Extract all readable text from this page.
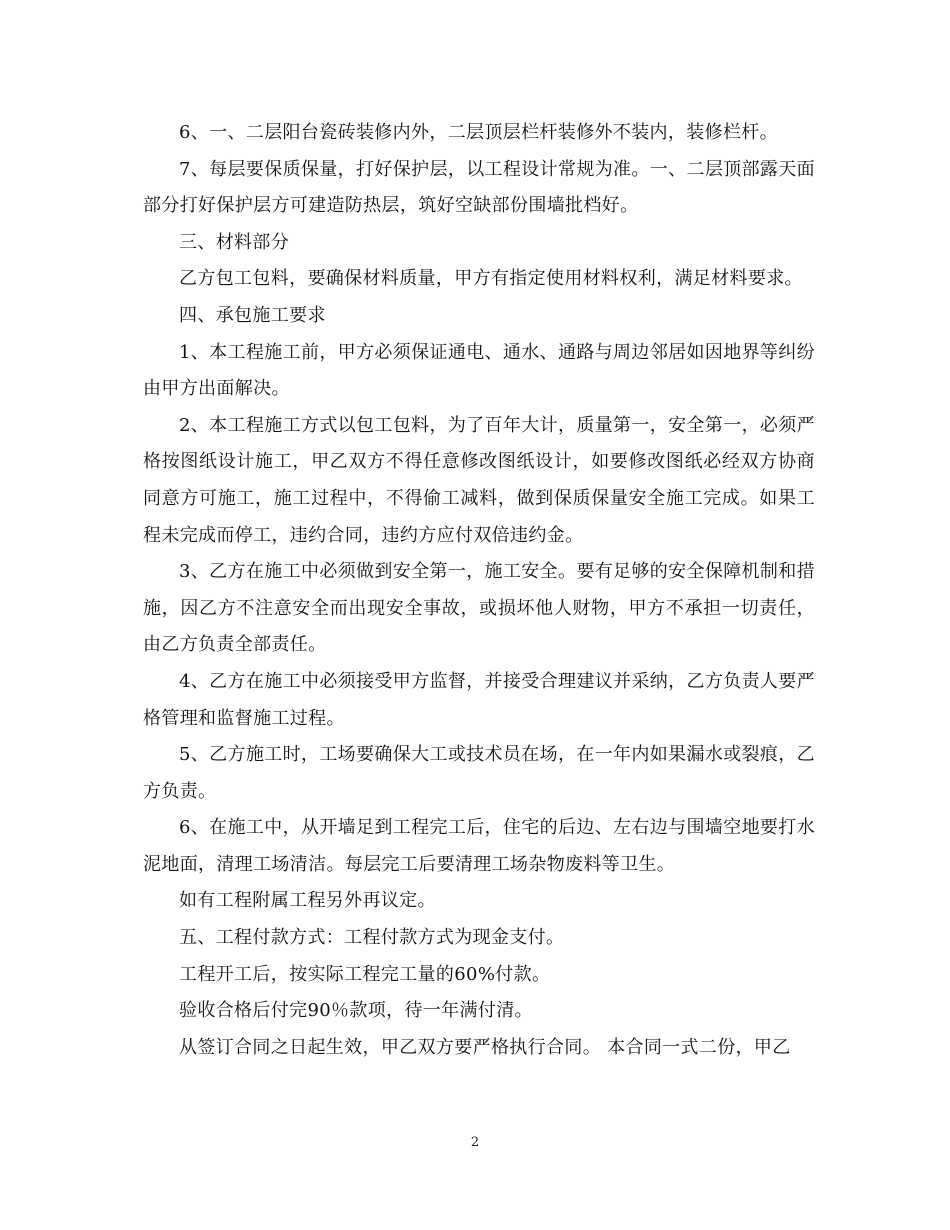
6、一、二层阳台瓷砖装修内外，二层顶层栏杆装修外不装内，装修栏杆。

7、每层要保质保量，打好保护层，以工程设计常规为准。一、二层顶部露天面部分打好保护层方可建造防热层，筑好空缺部份围墙批档好。

三、材料部分

乙方包工包料，要确保材料质量，甲方有指定使用材料权利，满足材料要求。

四、承包施工要求

1、本工程施工前，甲方必须保证通电、通水、通路与周边邻居如因地界等纠纷由甲方出面解决。

2、本工程施工方式以包工包料，为了百年大计，质量第一，安全第一，必须严格按图纸设计施工，甲乙双方不得任意修改图纸设计，如要修改图纸必经双方协商同意方可施工，施工过程中，不得偷工减料，做到保质保量安全施工完成。如果工程未完成而停工，违约合同，违约方应付双倍违约金。

3、乙方在施工中必须做到安全第一，施工安全。要有足够的安全保障机制和措施，因乙方不注意安全而出现安全事故，或损坏他人财物，甲方不承担一切责任，由乙方负责全部责任。

4、乙方在施工中必须接受甲方监督，并接受合理建议并采纳，乙方负责人要严格管理和监督施工过程。

5、乙方施工时，工场要确保大工或技术员在场，在一年内如果漏水或裂痕，乙方负责。

6、在施工中，从开墙足到工程完工后，住宅的后边、左右边与围墙空地要打水泥地面，清理工场清洁。每层完工后要清理工场杂物废料等卫生。

如有工程附属工程另外再议定。

五、工程付款方式：工程付款方式为现金支付。

工程开工后，按实际工程完工量的60%付款。

验收合格后付完90％款项，待一年满付清。

从签订合同之日起生效，甲乙双方要严格执行合同。 本合同一式二份，甲乙

2
